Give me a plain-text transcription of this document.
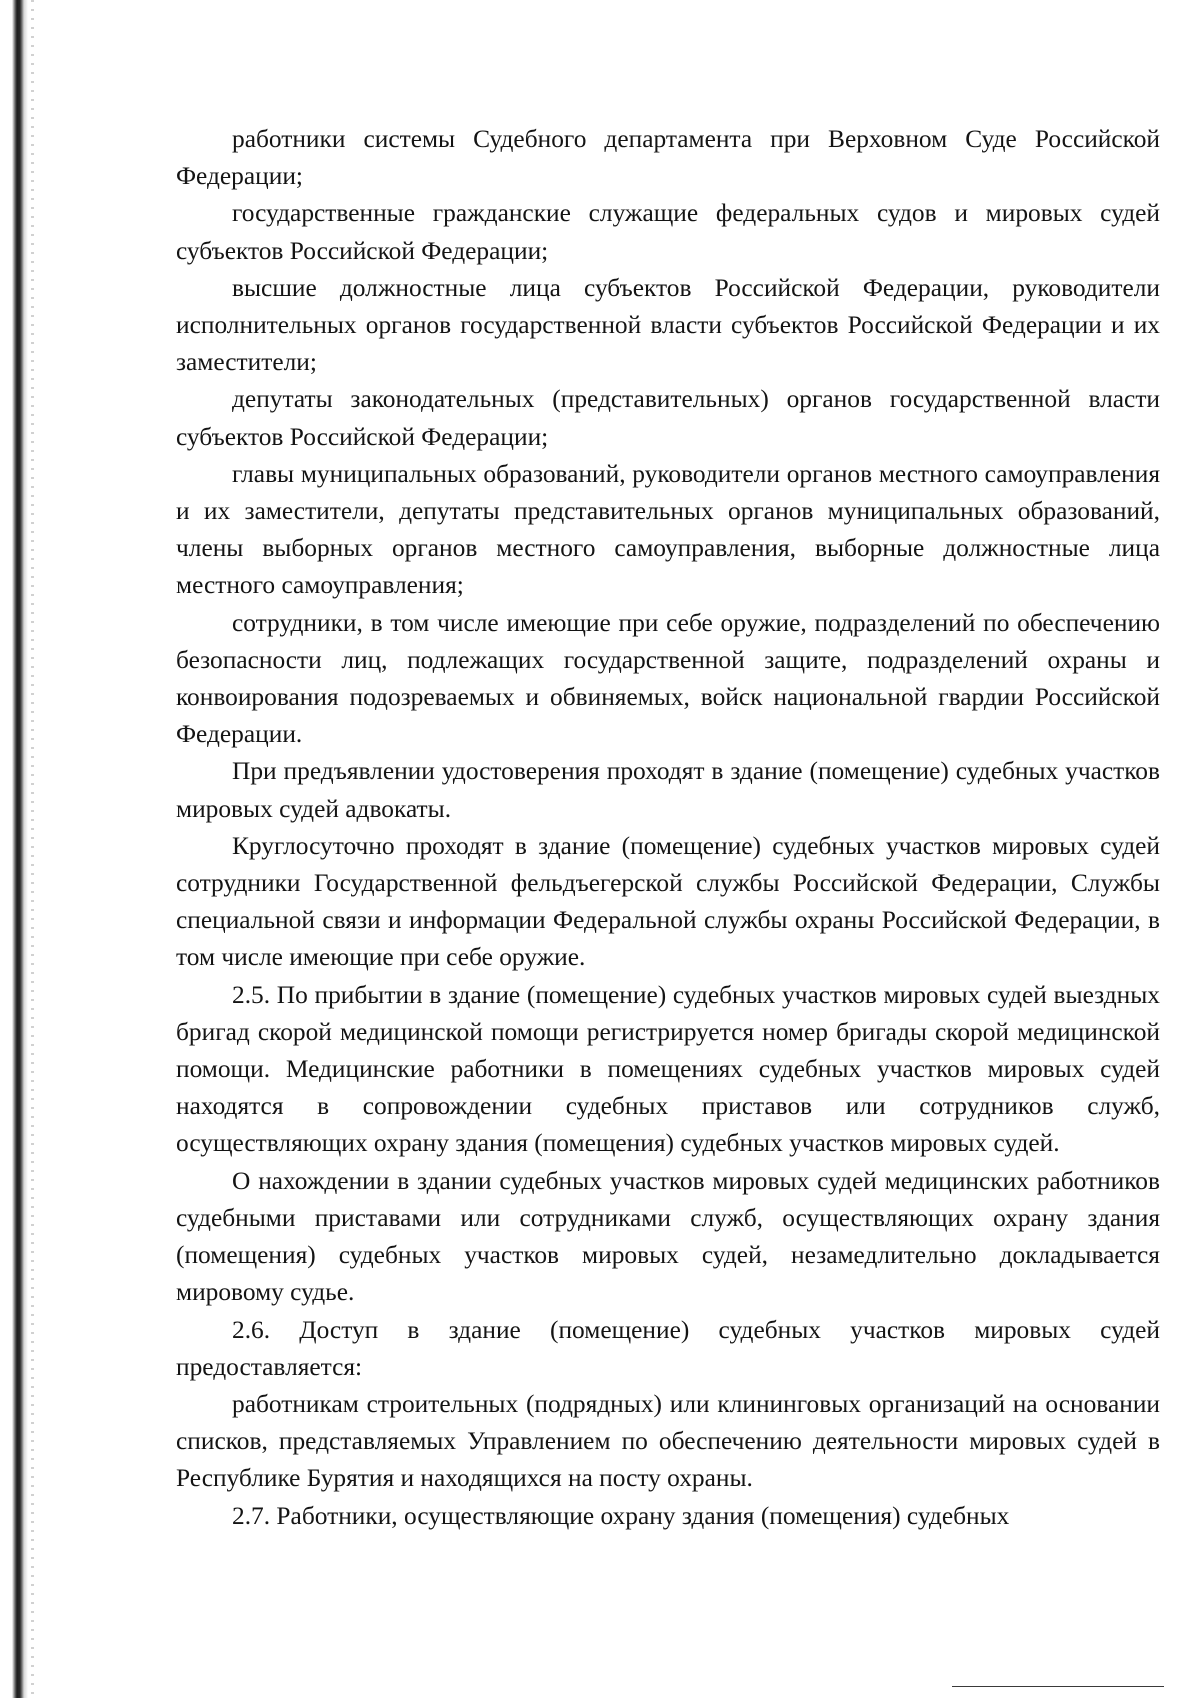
работники системы Судебного департамента при Верховном Суде Российской Федерации;

государственные гражданские служащие федеральных судов и мировых судей субъектов Российской Федерации;

высшие должностные лица субъектов Российской Федерации, руководители исполнительных органов государственной власти субъектов Российской Федерации и их заместители;

депутаты законодательных (представительных) органов государственной власти субъектов Российской Федерации;

главы муниципальных образований, руководители органов местного самоуправления и их заместители, депутаты представительных органов муниципальных образований, члены выборных органов местного самоуправления, выборные должностные лица местного самоуправления;

сотрудники, в том числе имеющие при себе оружие, подразделений по обеспечению безопасности лиц, подлежащих государственной защите, подразделений охраны и конвоирования подозреваемых и обвиняемых, войск национальной гвардии Российской Федерации.

При предъявлении удостоверения проходят в здание (помещение) судебных участков мировых судей адвокаты.

Круглосуточно проходят в здание (помещение) судебных участков мировых судей сотрудники Государственной фельдъегерской службы Российской Федерации, Службы специальной связи и информации Федеральной службы охраны Российской Федерации, в том числе имеющие при себе оружие.

2.5. По прибытии в здание (помещение) судебных участков мировых судей выездных бригад скорой медицинской помощи регистрируется номер бригады скорой медицинской помощи. Медицинские работники в помещениях судебных участков мировых судей находятся в сопровождении судебных приставов или сотрудников служб, осуществляющих охрану здания (помещения) судебных участков мировых судей.

О нахождении в здании судебных участков мировых судей медицинских работников судебными приставами или сотрудниками служб, осуществляющих охрану здания (помещения) судебных участков мировых судей, незамедлительно докладывается мировому судье.

2.6. Доступ в здание (помещение) судебных участков мировых судей предоставляется:

работникам строительных (подрядных) или клининговых организаций на основании списков, представляемых Управлением по обеспечению деятельности мировых судей в Республике Бурятия и находящихся на посту охраны.

2.7. Работники, осуществляющие охрану здания (помещения) судебных
